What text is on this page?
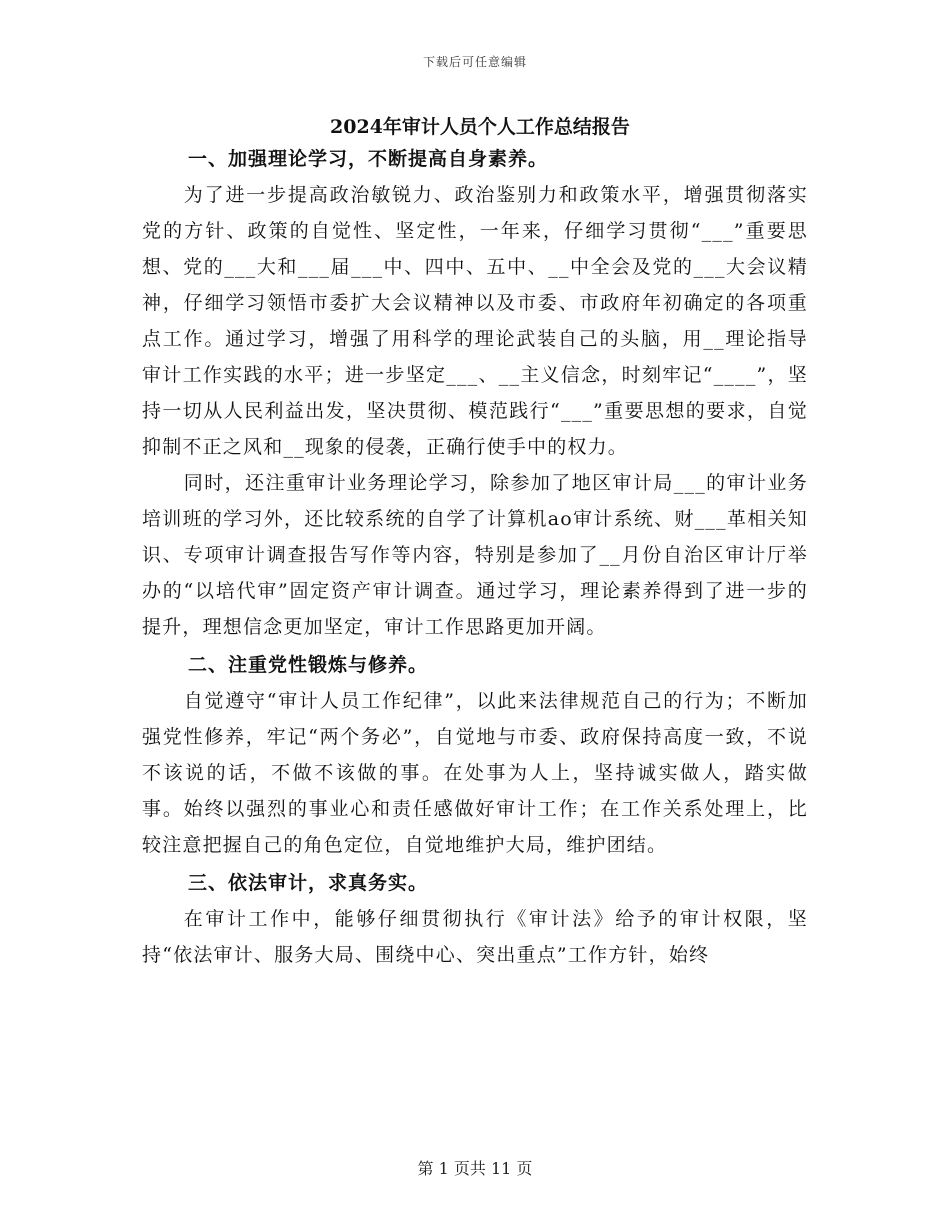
下载后可任意编辑
2024年审计人员个人工作总结报告
一、加强理论学习，不断提高自身素养。

为了进一步提高政治敏锐力、政治鉴别力和政策水平，增强贯彻落实党的方针、政策的自觉性、坚定性，一年来，仔细学习贯彻“___”重要思想、党的___大和___届___中、四中、五中、__中全会及党的___大会议精神，仔细学习领悟市委扩大会议精神以及市委、市政府年初确定的各项重点工作。通过学习，增强了用科学的理论武装自己的头脑，用__理论指导审计工作实践的水平；进一步坚定___、__主义信念，时刻牢记“____”，坚持一切从人民利益出发，坚决贯彻、模范践行“___”重要思想的要求，自觉抑制不正之风和__现象的侵袭，正确行使手中的权力。

同时，还注重审计业务理论学习，除参加了地区审计局___的审计业务培训班的学习外，还比较系统的自学了计算机ao审计系统、财___革相关知识、专项审计调查报告写作等内容，特别是参加了__月份自治区审计厅举办的“以培代审”固定资产审计调查。通过学习，理论素养得到了进一步的提升，理想信念更加坚定，审计工作思路更加开阔。

二、注重党性锻炼与修养。

自觉遵守“审计人员工作纪律”，以此来法律规范自己的行为；不断加强党性修养，牢记“两个务必”，自觉地与市委、政府保持高度一致，不说不该说的话，不做不该做的事。在处事为人上，坚持诚实做人，踏实做事。始终以强烈的事业心和责任感做好审计工作；在工作关系处理上，比较注意把握自己的角色定位，自觉地维护大局，维护团结。

三、依法审计，求真务实。

在审计工作中，能够仔细贯彻执行《审计法》给予的审计权限，坚持“依法审计、服务大局、围绕中心、突出重点”工作方针，始终

第 1 页共 11 页
